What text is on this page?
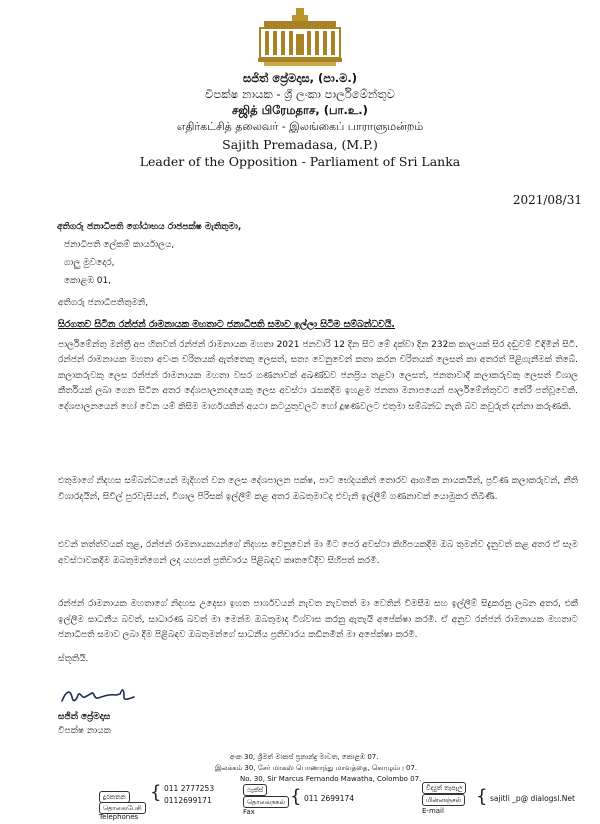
සජිත් ප්‍රේමදාස, (පා.ම.)
විපක්ෂ නායක - ශ්‍රී ලංකා පාර්ලිමේන්තුව
சஜித் பிரேமதாச, (பா.உ.)
எதிர்கட்சித் தலைவர் - இலங்கைப் பாராளுமன்றம்
Sajith Premadasa, (M.P.)
Leader of the Opposition - Parliament of Sri Lanka
2021/08/31
අතිගරු ජනාධිපති ගෝඨාභය රාජපක්ෂ මැතිතුමා,
ජනාධිපති ලේකම් කාර්යාලය,
ගාලු මුවදොර,
කොළඹ 01,
අතිගරු ජනාධිපතිතුමනි,
සිරගතව සිටින රන්ජන් රාමනායක මහතාට ජනාධිපති සමාව ඉල්ලා සිටීම සම්බන්ධවයි.
පාර්ලිමේන්තු මන්ත්‍රී අප හිතවත් රන්ජන් රාමනායක මහතා 2021 ජනවාරි 12 දින සිට මේ දක්වා දින 232ක කාලයක් සිර දඬුවම් විඳිමින් සිටී. රන්ජන් රාමනායක මහතා අවංක චරිතයක් ඇත්තෙකු ලෙසත්, සත්‍ය වෙනුවෙන් කතා කරන චරිතයක් ලෙසත් කා අතරත් පිළිගැනීමක් තිබේ. කලාකරුවකු ලෙස රන්ජන් රාමනායක මහතා වසර ගණනාවක් අඛණ්ඩව ජනප්‍රිය තළවා ලෙසත්, ජනතාවාදී කලාකරුවකු ලෙසත් විශාල කීර්තියක් ලබා ගෙන සිටින අතර දේශපාලනඥයෙකු ලෙස අවස්ථා රැසකදීම ඉහළම ජනතා මනාපයෙන් පාර්ලිමේන්තුවට තේරී පත්වූවෙකි. දේශපාලනයෙන් හෝ වෙන යම් කිසිම මාර්ගයකින් අයථා කටයුතුවලට හෝ දූෂණවලට එතුමා සම්බන්ධ නැති බව කවුරුත් දන්නා කරුණකි.
එතුමාගේ නිදහස සම්බන්ධයෙන් මැදිහත් වන ලෙස දේශපාලන පක්ෂ, පාට භේදයකින් තොරව ආගමික නායකයින්, ප්‍රවීණ කලාකරුවන්, නීති විශාරදයින්, සිවිල් පුරවැසියන්, විශාල පිරිසක් ඉල්ලීම් කළ අතර ඔබතුමාටද එවැනි ඉල්ලීම් ගණනාවක් යොමුකර තිබිණි.
එවන් තත්ත්වයක් තුළ, රන්ජන් රාමනායකයන්ගේ නිදහස වෙනුවෙන් මා මීට පෙර අවස්ථා කිහිපයකදීම ඔබ තුමන්ව දැනුවත් කළ අතර ඒ සෑම අවස්ථාවකදීම ඔබතුමන්ගෙන් ලද යහපත් ප්‍රතිචාරය පිළිබඳව කෘතවේදීව සිහිපත් කරමි.
රන්ජන් රාමනායක මහතාගේ නිදහස උදෙසා ඉහත පාර්ශවයන් නැවත නැවතත් මා වෙතින් විමසීම සහ ඉල්ලීම් සිදුකරනු ලබන අතර, එකී ඉල්ලීම සාධනීය බවත්, සාධාරණ බවත් මා මෙන්ම ඔබතුමාද විශ්වාස කරනු ඇතැයි අපේක්ෂා කරමි. ඒ අනුව රන්ජන් රාමනායක මහතාට ජනාධිපති සමාව ලබා දීම පිළිබඳව ඔබතුමන්ගේ සාධනීය ප්‍රතිචාරය කඩිනමින් මා අපේක්ෂා කරමි.
ස්තූතියි.
සජිත් ප්‍රේමදාස
විපක්ෂ නායක
අංක 30, ශ්‍රීමත් මාකස් ප්‍රනාන්දු මාවත, කොළඹ 07.
இலக்கம் 30, சேர் மாகஸ் பொணாந்து மாவத்தை, கொழும்பு 07.
No. 30, Sir Marcus Fernando Mawatha, Colombo 07.
දුරකතන
தொலைபேசி
Telephones
{ 011 2777253
0112699171
ෆැක්ස්
தொலைநகல்
Fax
{ 011 2699174
විද්‍යුත් තැපෑල
மின்னஞ்சல்
E-mail
{ sajitli _p@ dialogsl.Net
